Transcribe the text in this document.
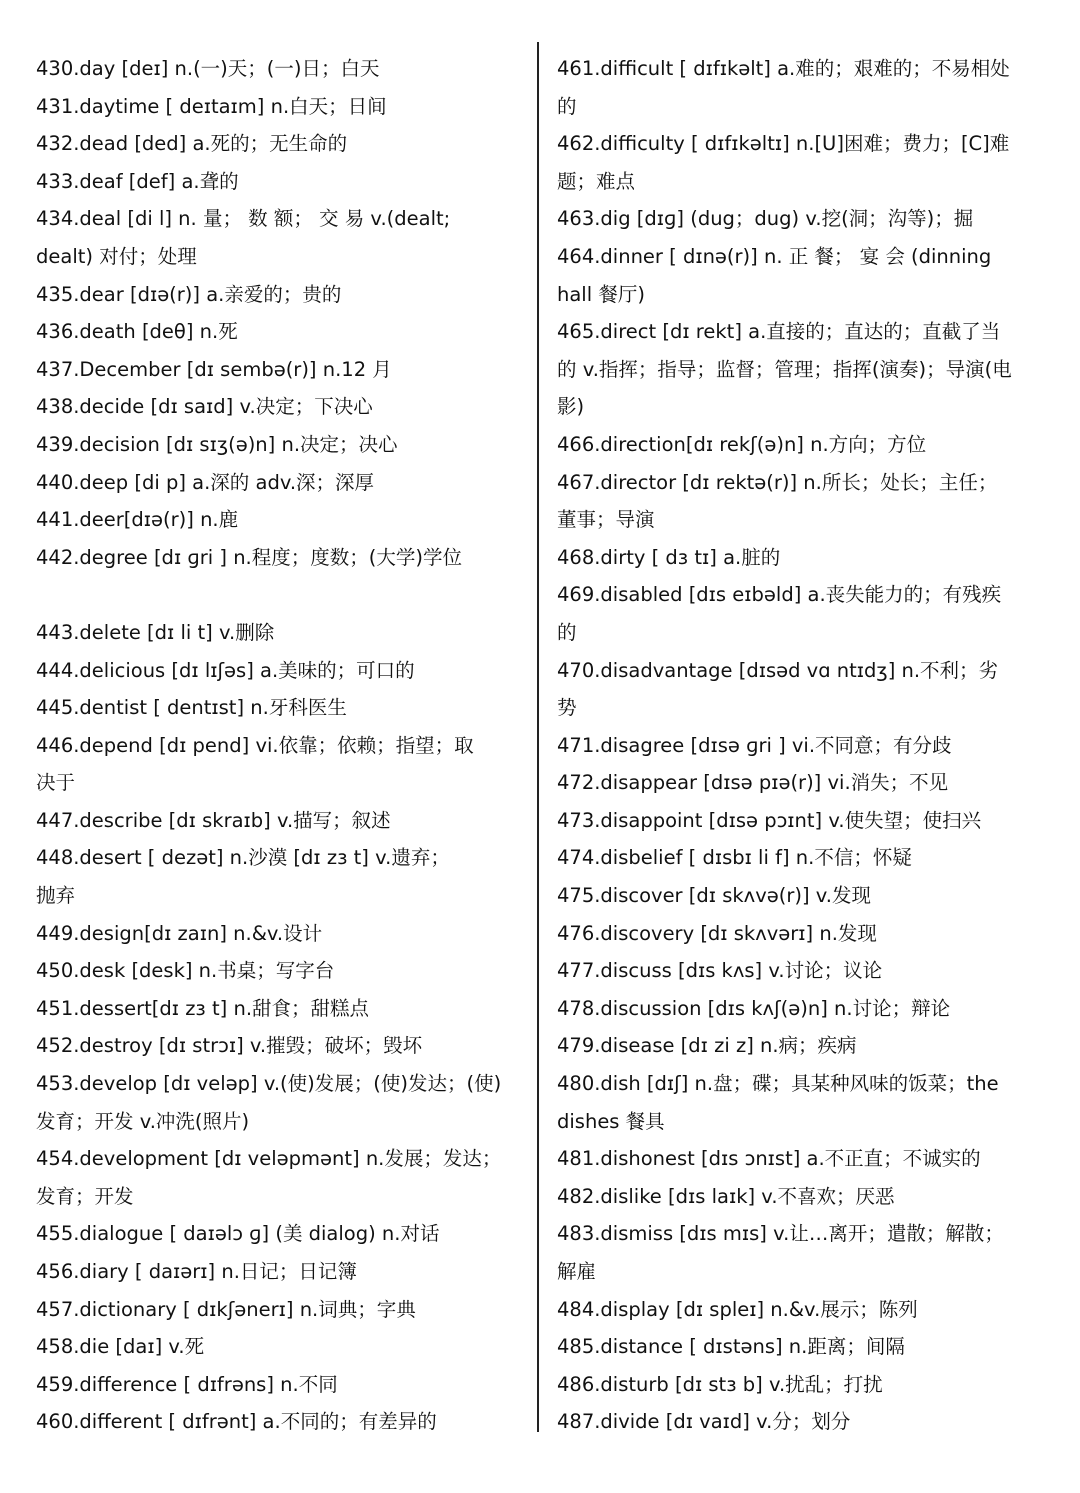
430.day [deɪ] n.(一)天；(一)日；白天
431.daytime [ deɪtaɪm] n.白天；日间
432.dead [ded] a.死的；无生命的
433.deaf [def] a.聋的
434.deal [di l] n. 量； 数 额； 交 易 v.(dealt;
dealt) 对付；处理
435.dear [dɪə(r)] a.亲爱的；贵的
436.death [deθ] n.死
437.December [dɪ sembə(r)] n.12 月
438.decide [dɪ saɪd] v.决定；下决心
439.decision [dɪ sɪʒ(ə)n] n.决定；决心
440.deep [di p] a.深的 adv.深；深厚
441.deer[dɪə(r)] n.鹿
442.degree [dɪ ɡri ] n.程度；度数；(大学)学位
443.delete [dɪ li t] v.删除
444.delicious [dɪ lɪʃəs] a.美味的；可口的
445.dentist [ dentɪst] n.牙科医生
446.depend [dɪ pend] vi.依靠；依赖；指望；取
决于
447.describe [dɪ skraɪb] v.描写；叙述
448.desert [ dezət] n.沙漠 [dɪ zɜ t] v.遗弃；
抛弃
449.design[dɪ zaɪn] n.&v.设计
450.desk [desk] n.书桌；写字台
451.dessert[dɪ zɜ t] n.甜食；甜糕点
452.destroy [dɪ strɔɪ] v.摧毁；破坏；毁坏
453.develop [dɪ veləp] v.(使)发展；(使)发达；(使)
发育；开发 v.冲洗(照片)
454.development [dɪ veləpmənt] n.发展；发达；
发育；开发
455.dialogue [ daɪəlɔ ɡ] (美 dialog) n.对话
456.diary [ daɪərɪ] n.日记；日记簿
457.dictionary [ dɪkʃənerɪ] n.词典；字典
458.die [daɪ] v.死
459.difference [ dɪfrəns] n.不同
460.different [ dɪfrənt] a.不同的；有差异的
461.difficult [ dɪfɪkəlt] a.难的；艰难的；不易相处
的
462.difficulty [ dɪfɪkəltɪ] n.[U]困难；费力；[C]难
题；难点
463.dig [dɪɡ] (dug；dug) v.挖(洞；沟等)；掘
464.dinner [ dɪnə(r)] n. 正 餐； 宴 会 (dinning
hall 餐厅)
465.direct [dɪ rekt] a.直接的；直达的；直截了当
的 v.指挥；指导；监督；管理；指挥(演奏)；导演(电
影)
466.direction[dɪ rekʃ(ə)n] n.方向；方位
467.director [dɪ rektə(r)] n.所长；处长；主任；
董事；导演
468.dirty [ dɜ tɪ] a.脏的
469.disabled [dɪs eɪbəld] a.丧失能力的；有残疾
的
470.disadvantage [dɪsəd vɑ ntɪdʒ] n.不利；劣
势
471.disagree [dɪsə ɡri ] vi.不同意；有分歧
472.disappear [dɪsə pɪə(r)] vi.消失；不见
473.disappoint [dɪsə pɔɪnt] v.使失望；使扫兴
474.disbelief [ dɪsbɪ li f] n.不信；怀疑
475.discover [dɪ skʌvə(r)] v.发现
476.discovery [dɪ skʌvərɪ] n.发现
477.discuss [dɪs kʌs] v.讨论；议论
478.discussion [dɪs kʌʃ(ə)n] n.讨论；辩论
479.disease [dɪ zi z] n.病；疾病
480.dish [dɪʃ] n.盘；碟；具某种风味的饭菜；the
dishes 餐具
481.dishonest [dɪs ɔnɪst] a.不正直；不诚实的
482.dislike [dɪs laɪk] v.不喜欢；厌恶
483.dismiss [dɪs mɪs] v.让…离开；遣散；解散；
解雇
484.display [dɪ spleɪ] n.&v.展示；陈列
485.distance [ dɪstəns] n.距离；间隔
486.disturb [dɪ stɜ b] v.扰乱；打扰
487.divide [dɪ vaɪd] v.分；划分
